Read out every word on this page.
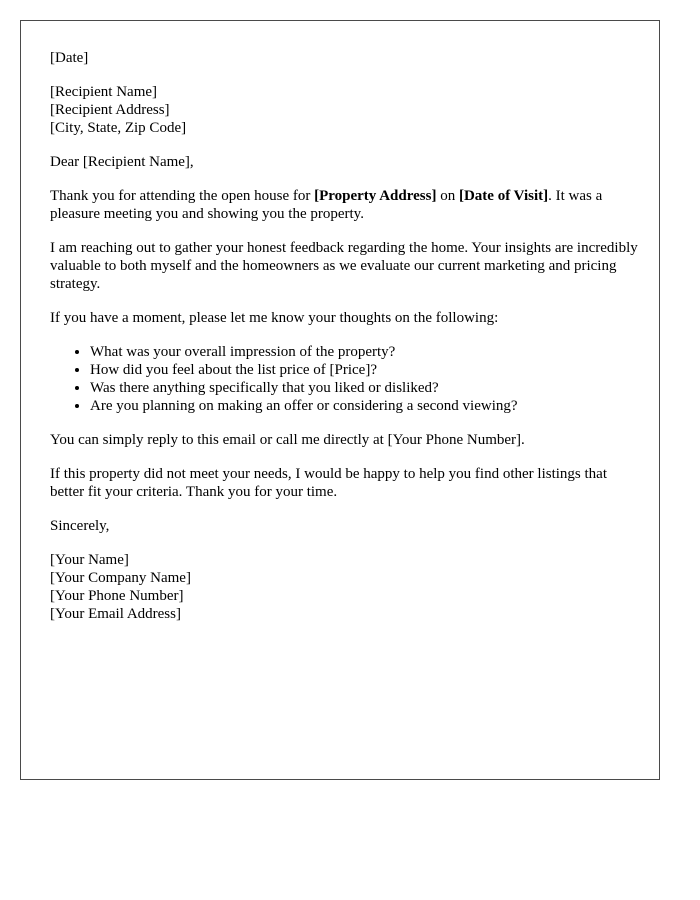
[Date]

[Recipient Name]
[Recipient Address]
[City, State, Zip Code]

Dear [Recipient Name],

Thank you for attending the open house for [Property Address] on [Date of Visit]. It was a pleasure meeting you and showing you the property.

I am reaching out to gather your honest feedback regarding the home. Your insights are incredibly valuable to both myself and the homeowners as we evaluate our current marketing and pricing strategy.

If you have a moment, please let me know your thoughts on the following:

• What was your overall impression of the property?
• How did you feel about the list price of [Price]?
• Was there anything specifically that you liked or disliked?
• Are you planning on making an offer or considering a second viewing?

You can simply reply to this email or call me directly at [Your Phone Number].

If this property did not meet your needs, I would be happy to help you find other listings that better fit your criteria. Thank you for your time.

Sincerely,

[Your Name]
[Your Company Name]
[Your Phone Number]
[Your Email Address]
